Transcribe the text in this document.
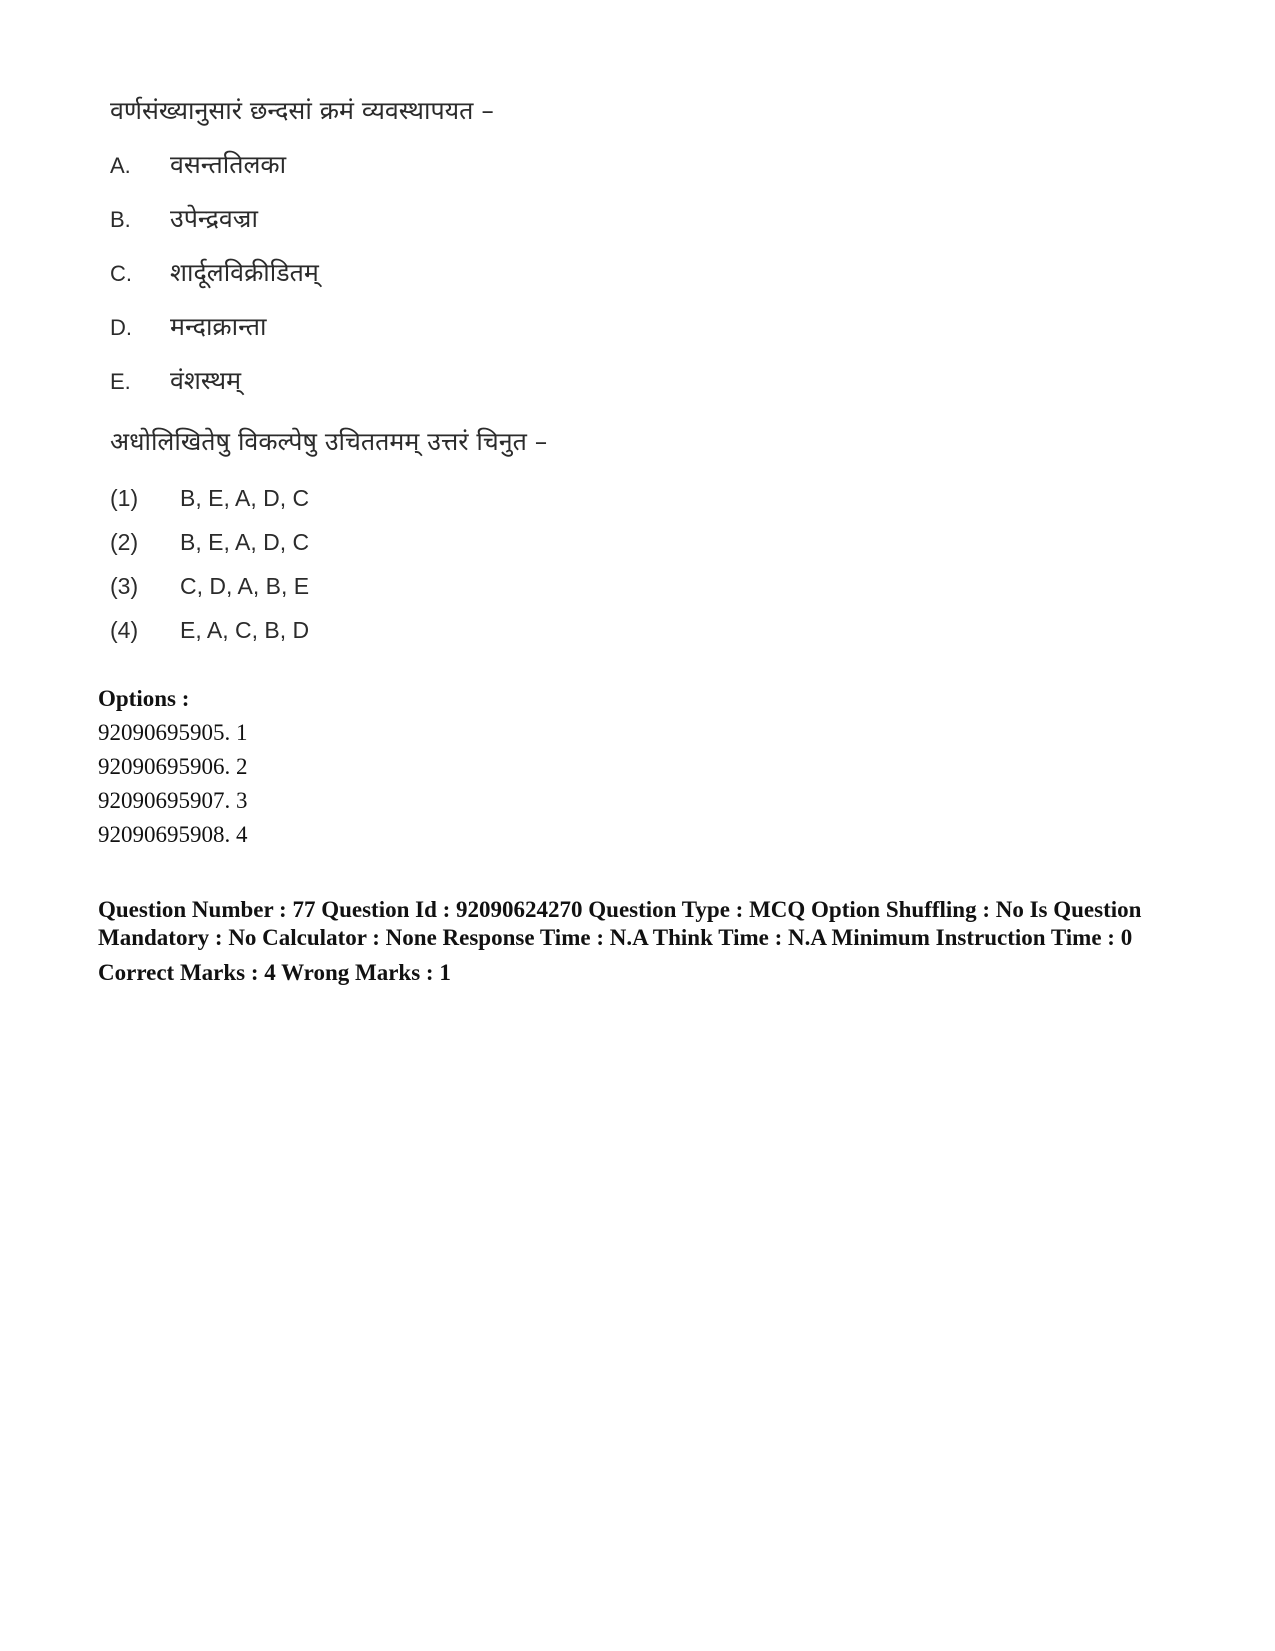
वर्णसंख्यानुसारं छन्दसां क्रमं व्यवस्थापयत –
A. वसन्ततिलका
B. उपेन्द्रवज्रा
C. शार्दूलविक्रीडितम्
D. मन्दाक्रान्ता
E. वंशस्थम्
अधोलिखितेषु विकल्पेषु उचिततमम् उत्तरं चिनुत –
(1) B, E, A, D, C
(2) B, E, A, D, C
(3) C, D, A, B, E
(4) E, A, C, B, D
Options :
92090695905. 1
92090695906. 2
92090695907. 3
92090695908. 4
Question Number : 77 Question Id : 92090624270 Question Type : MCQ Option Shuffling : No Is Question Mandatory : No Calculator : None Response Time : N.A Think Time : N.A Minimum Instruction Time : 0
Correct Marks : 4 Wrong Marks : 1
